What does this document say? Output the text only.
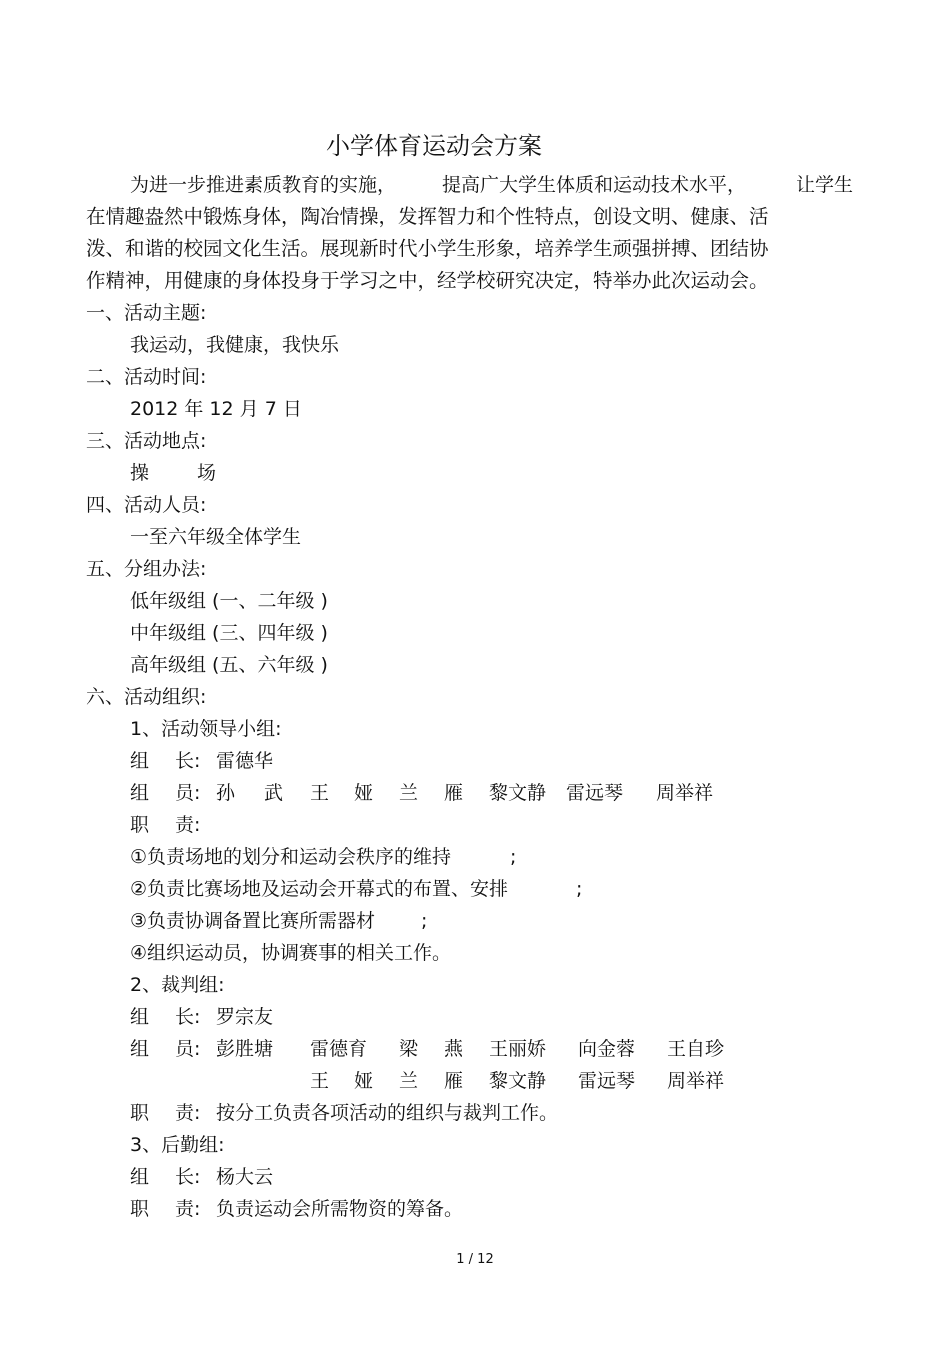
小学体育运动会方案
为进一步推进素质教育的实施， 提高广大学生体质和运动技术水平，	让学生
在情趣盎然中锻炼身体，陶冶情操，发挥智力和个性特点，创设文明、健康、活
泼、和谐的校园文化生活。展现新时代小学生形象，培养学生顽强拼搏、团结协
作精神，用健康的身体投身于学习之中，经学校研究决定，特举办此次运动会。
一、活动主题:
我运动，我健康，我快乐
二、活动时间:
2012 年 12 月 7 日
三、活动地点:
操	场
四、活动人员:
一至六年级全体学生
五、分组办法:
低年级组 (一、二年级 )
中年级组 (三、四年级 )
高年级组 (五、六年级 )
六、活动组织:
1、活动领导小组:
组 长: 雷德华
组 员: 孙 武 王 娅 兰 雁 黎文静 雷远琴 周举祥
职 责:
①负责场地的划分和运动会秩序的维持	;
②负责比赛场地及运动会开幕式的布置、安排	;
③负责协调备置比赛所需器材 ;
④组织运动员，协调赛事的相关工作。
2、裁判组:
组 长: 罗宗友
组 员: 彭胜塘 雷德育 梁 燕 王丽娇 向金蓉 王自珍
王 娅 兰 雁 黎文静 雷远琴 周举祥
职 责: 按分工负责各项活动的组织与裁判工作。
3、后勤组:
组 长: 杨大云
职 责: 负责运动会所需物资的筹备。
1 / 12
